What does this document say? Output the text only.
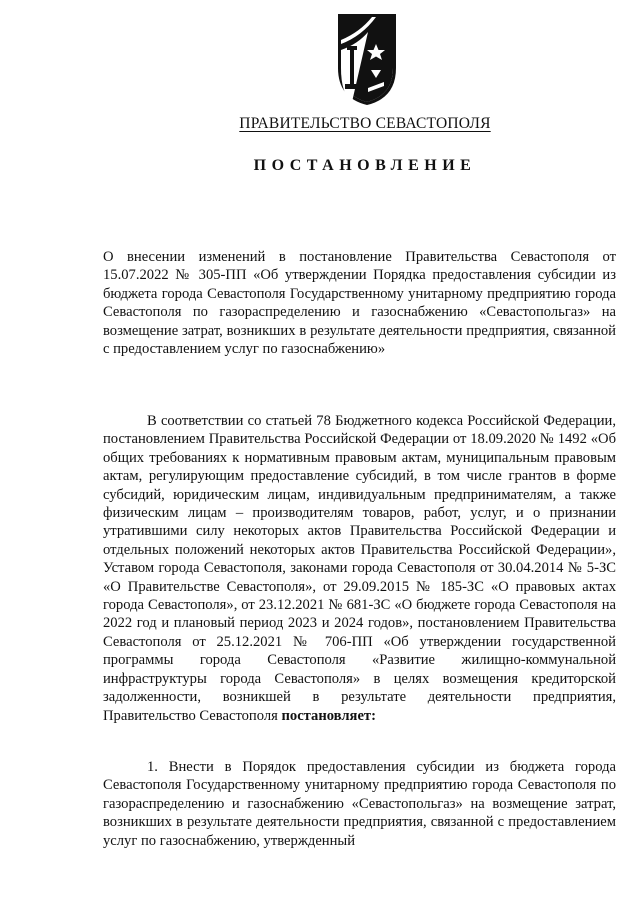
ПРАВИТЕЛЬСТВО СЕВАСТОПОЛЯ
ПОСТАНОВЛЕНИЕ
О внесении изменений в постановление Правительства Севастополя от 15.07.2022 № 305-ПП «Об утверждении Порядка предоставления субсидии из бюджета города Севастополя Государственному унитарному предприятию города Севастополя по газораспределению и газоснабжению «Севастопольгаз» на возмещение затрат, возникших в результате деятельности предприятия, связанной с предоставлением услуг по газоснабжению»

В соответствии со статьей 78 Бюджетного кодекса Российской Федерации, постановлением Правительства Российской Федерации от 18.09.2020 № 1492 «Об общих требованиях к нормативным правовым актам, муниципальным правовым актам, регулирующим предоставление субсидий, в том числе грантов в форме субсидий, юридическим лицам, индивидуальным предпринимателям, а также физическим лицам – производителям товаров, работ, услуг, и о признании утратившими силу некоторых актов Правительства Российской Федерации и отдельных положений некоторых актов Правительства Российской Федерации», Уставом города Севастополя, законами города Севастополя от 30.04.2014 № 5-ЗС «О Правительстве Севастополя», от 29.09.2015 № 185-ЗС «О правовых актах города Севастополя», от 23.12.2021 № 681-ЗС «О бюджете города Севастополя на 2022 год и плановый период 2023 и 2024 годов», постановлением Правительства Севастополя от 25.12.2021 № 706-ПП «Об утверждении государственной программы города Севастополя «Развитие жилищно-коммунальной инфраструктуры города Севастополя» в целях возмещения кредиторской задолженности, возникшей в результате деятельности предприятия, Правительство Севастополя постановляет:

1. Внести в Порядок предоставления субсидии из бюджета города Севастополя Государственному унитарному предприятию города Севастополя по газораспределению и газоснабжению «Севастопольгаз» на возмещение затрат, возникших в результате деятельности предприятия, связанной с предоставлением услуг по газоснабжению, утвержденный
